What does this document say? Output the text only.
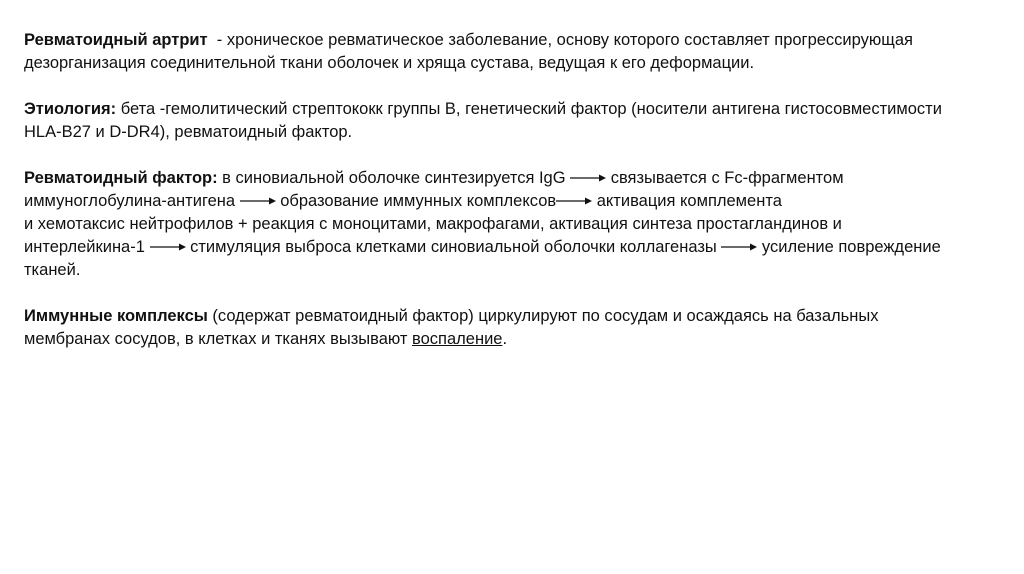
Ревматоидный артрит  - хроническое ревматическое заболевание, основу которого составляет прогрессирующая
дезорганизация соединительной ткани оболочек и хряща сустава, ведущая к его деформации.
Этиология: бета -гемолитический стрептококк группы В, генетический фактор (носители антигена гистосовместимости
HLA-B27 и D-DR4), ревматоидный фактор.
Ревматоидный фактор: в синовиальной оболочке синтезируется IgG
связывается с Fc-фрагментом
иммуноглобулина-антигена
образование иммунных комплексов
активация комплемента
и хемотаксис нейтрофилов + реакция с моноцитами, макрофагами, активация синтеза простагландинов и
интерлейкина-1
стимуляция выброса клетками синовиальной оболочки коллагеназы
усиление повреждение
тканей.
Иммунные комплексы (содержат ревматоидный фактор) циркулируют по сосудам и осаждаясь на базальных
мембранах сосудов, в клетках и тканях вызывают воспаление.
